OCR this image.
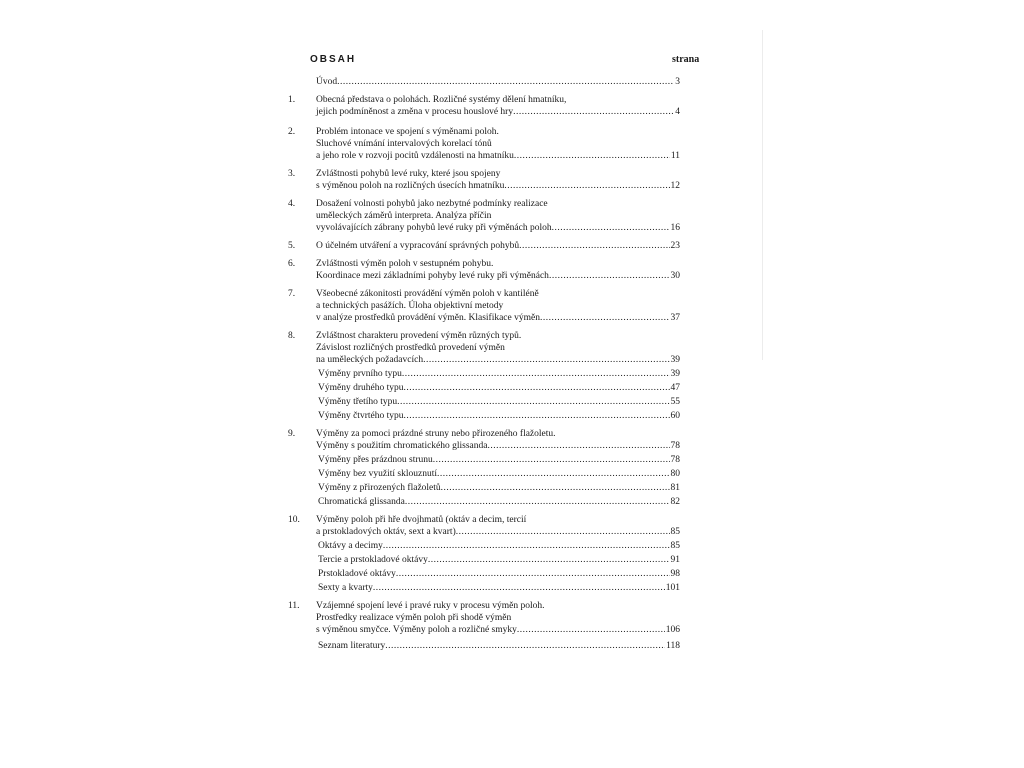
OBSAH	strana
Úvod .....	3
1.	Obecná představa o polohách. Rozličné systémy dělení hmatníku,
jejich podmíněnost a změna v procesu houslové hry .....	4
2.	Problém intonace ve spojení s výměnami poloh.
Sluchové vnímání intervalových korelací tónů
a jeho role v rozvoji pocitů vzdálenosti na hmatníku .....	11
3.	Zvláštnosti pohybů levé ruky, které jsou spojeny
s výměnou poloh na rozličných úsecích hmatníku .....	12
4.	Dosažení volnosti pohybů jako nezbytné podmínky realizace
uměleckých záměrů interpreta. Analýza příčin
vyvolávajících zábrany pohybů levé ruky při výměnách poloh .....	16
5.	O účelném utváření a vypracování správných pohybů .....	23
6.	Zvláštnosti výměn poloh v sestupném pohybu.
Koordinace mezi základními pohyby levé ruky při výměnách .....	30
7.	Všeobecné zákonitosti provádění výměn poloh v kantiléně
a technických pasážích. Úloha objektivní metody
v analýze prostředků provádění výměn. Klasifikace výměn .....	37
8.	Zvláštnost charakteru provedení výměn různých typů.
Závislost rozličných prostředků provedení výměn
na uměleckých požadavcích .....	39
Výměny prvního typu .....	39
Výměny druhého typu .....	47
Výměny třetího typu .....	55
Výměny čtvrtého typu .....	60
9.	Výměny za pomoci prázdné struny nebo přirozeného flažoletu.
Výměny s použitím chromatického glissanda .....	78
Výměny přes prázdnou strunu .....	78
Výměny bez využití sklouznutí .....	80
Výměny z přirozených flažoletů .....	81
Chromatická glissanda .....	82
10.	Výměny poloh při hře dvojhmatů (oktáv a decim, tercií
a prstokladových oktáv, sext a kvart) .....	85
Oktávy a decimy .....	85
Tercie a prstokladové oktávy .....	91
Prstokladové oktávy .....	98
Sexty a kvarty .....	101
11.	Vzájemné spojení levé i pravé ruky v procesu výměn poloh.
Prostředky realizace výměn poloh při shodě výměn
s výměnou smyčce. Výměny poloh a rozličné smyky .....	106
Seznam literatury .....	118
